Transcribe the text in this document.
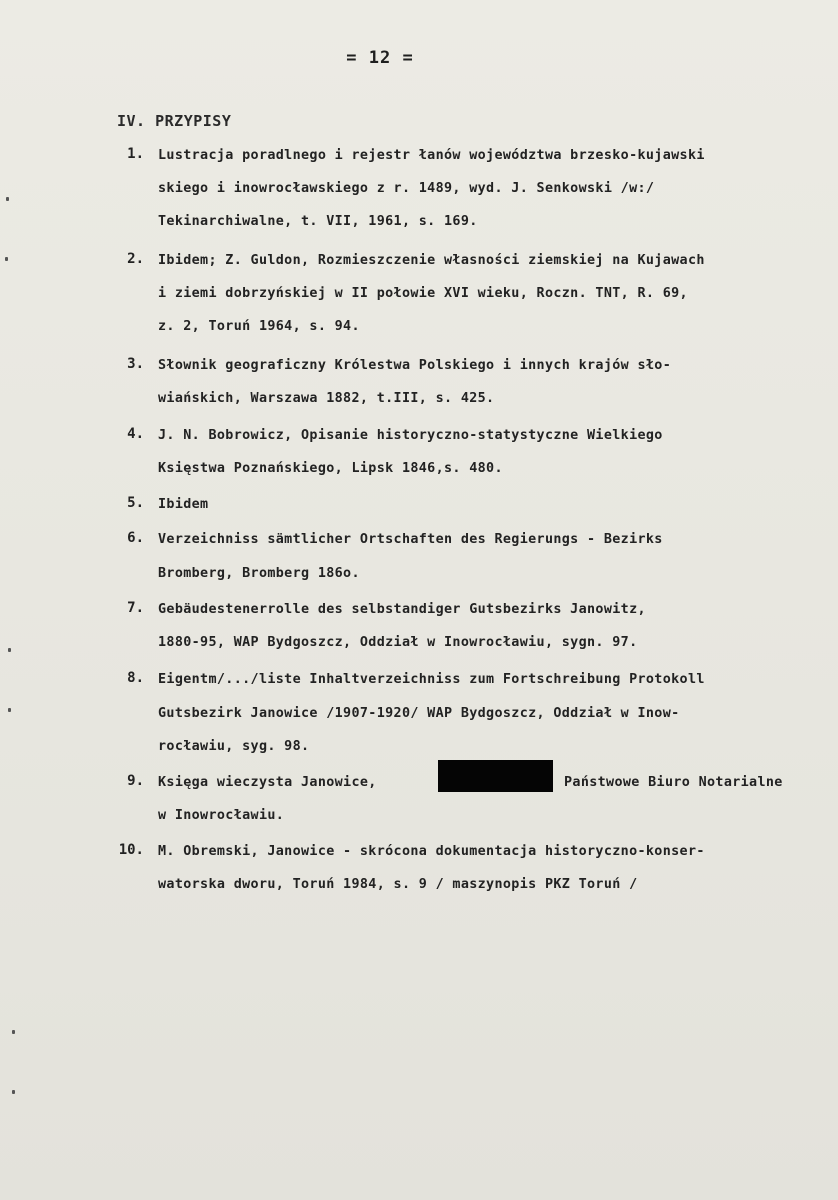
= 12 =
IV. PRZYPISY
1. Lustracja poradlnego i rejestr łanów województwa brzesko-kujawski
skiego i inowrocławskiego z r. 1489, wyd. J. Senkowski /w:/
Tekinarchiwalne, t. VII, 1961, s. 169.
2. Ibidem; Z. Guldon, Rozmieszczenie własności ziemskiej na Kujawach
i ziemi dobrzyńskiej w II połowie XVI wieku, Roczn. TNT, R. 69,
z. 2, Toruń 1964, s. 94.
3. Słownik geograficzny Królestwa Polskiego i innych krajów sło-
wiańskich, Warszawa 1882, t.III, s. 425.
4. J. N. Bobrowicz, Opisanie historyczno-statystyczne Wielkiego
Księstwa Poznańskiego, Lipsk 1846,s. 480.
5. Ibidem
6. Verzeichniss sämtlicher Ortschaften des Regierungs - Bezirks
Bromberg, Bromberg 186o.
7. Gebäudestenerrolle des selbstandiger Gutsbezirks Janowitz,
1880-95, WAP Bydgoszcz, Oddział w Inowrocławiu, sygn. 97.
8. Eigentm/.../liste Inhaltverzeichniss zum Fortschreibung Protokoll
Gutsbezirk Janowice /1907-1920/ WAP Bydgoszcz, Oddział w Inow-
rocławiu, syg. 98.
9. Księga wieczysta Janowice,	Państwowe Biuro Notarialne
w Inowrocławiu.
10. M. Obremski, Janowice - skrócona dokumentacja historyczno-konser-
watorska dworu, Toruń 1984, s. 9 / maszynopis PKZ Toruń /
